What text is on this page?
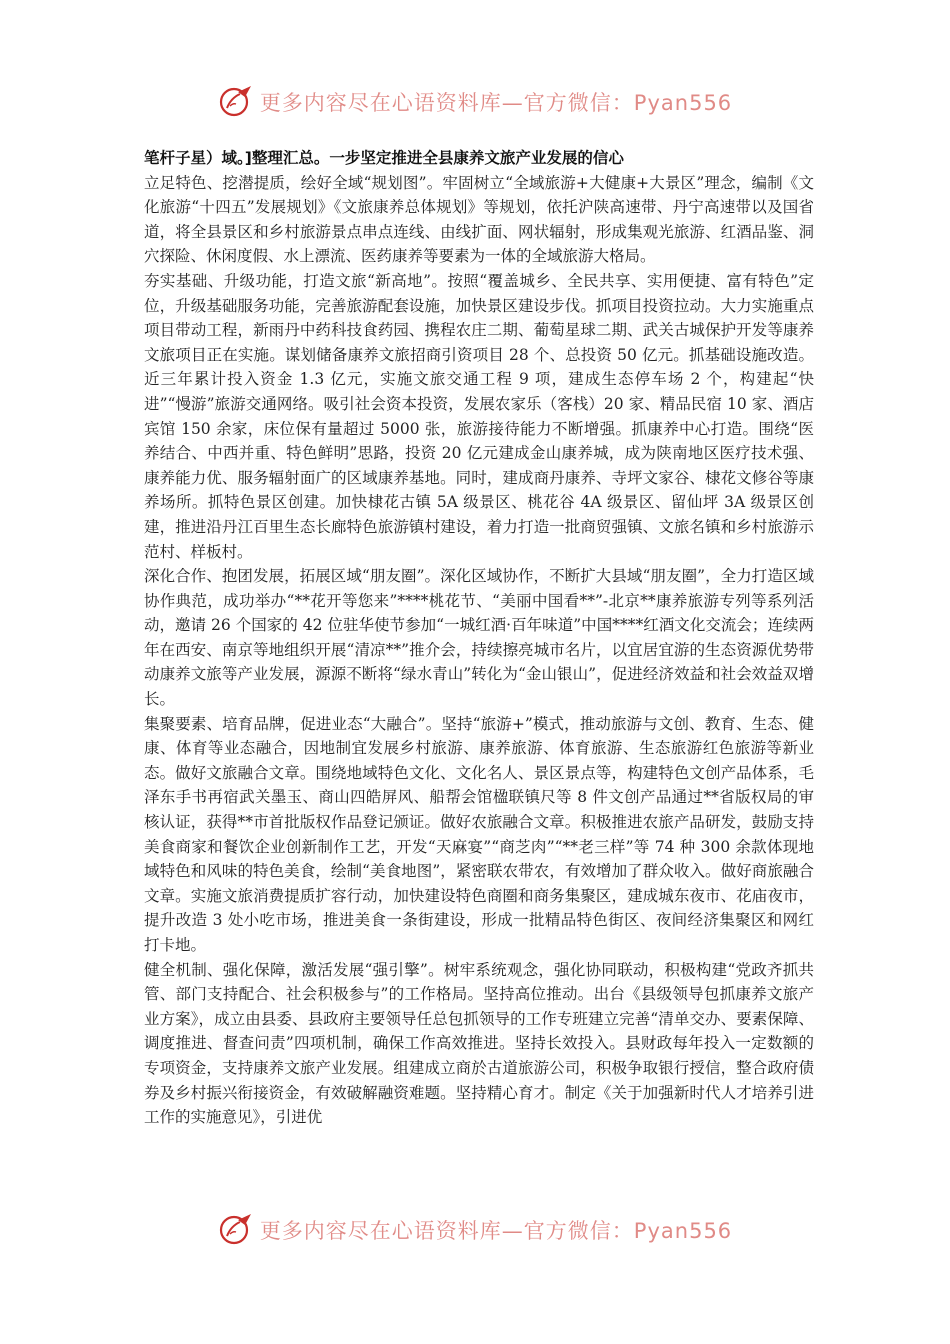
更多内容尽在心语资料库—官方微信：Pyan556

笔杆子星）域。]整理汇总。一步坚定推进全县康养文旅产业发展的信心

立足特色、挖潜提质，绘好全域“规划图”。牢固树立“全域旅游+大健康+大景区”理念，编制《文化旅游“十四五”发展规划》《文旅康养总体规划》等规划，依托沪陕高速带、丹宁高速带以及国省道，将全县景区和乡村旅游景点串点连线、由线扩面、网状辐射，形成集观光旅游、红酒品鉴、洞穴探险、休闲度假、水上漂流、医药康养等要素为一体的全域旅游大格局。

夯实基础、升级功能，打造文旅“新高地”。按照“覆盖城乡、全民共享、实用便捷、富有特色”定位，升级基础服务功能，完善旅游配套设施，加快景区建设步伐。抓项目投资拉动。大力实施重点项目带动工程，新雨丹中药科技食药园、携程农庄二期、葡萄星球二期、武关古城保护开发等康养文旅项目正在实施。谋划储备康养文旅招商引资项目 28 个、总投资 50 亿元。抓基础设施改造。近三年累计投入资金 1.3 亿元，实施文旅交通工程 9 项，建成生态停车场 2 个，构建起“快进”“慢游”旅游交通网络。吸引社会资本投资，发展农家乐（客栈）20 家、精品民宿 10 家、酒店宾馆 150 余家，床位保有量超过 5000 张，旅游接待能力不断增强。抓康养中心打造。围绕“医养结合、中西并重、特色鲜明”思路，投资 20 亿元建成金山康养城，成为陕南地区医疗技术强、康养能力优、服务辐射面广的区域康养基地。同时，建成商丹康养、寺坪文家谷、棣花文修谷等康养场所。抓特色景区创建。加快棣花古镇 5A 级景区、桃花谷 4A 级景区、留仙坪 3A 级景区创建，推进沿丹江百里生态长廊特色旅游镇村建设，着力打造一批商贸强镇、文旅名镇和乡村旅游示范村、样板村。

深化合作、抱团发展，拓展区域“朋友圈”。深化区域协作，不断扩大县域“朋友圈”，全力打造区域协作典范，成功举办“**花开等您来”****桃花节、“美丽中国看**”-北京**康养旅游专列等系列活动，邀请 26 个国家的 42 位驻华使节参加“一城红酒·百年味道”中国****红酒文化交流会；连续两年在西安、南京等地组织开展“清凉**”推介会，持续擦亮城市名片，以宜居宜游的生态资源优势带动康养文旅等产业发展，源源不断将“绿水青山”转化为“金山银山”，促进经济效益和社会效益双增长。

集聚要素、培育品牌，促进业态“大融合”。坚持“旅游+”模式，推动旅游与文创、教育、生态、健康、体育等业态融合，因地制宜发展乡村旅游、康养旅游、体育旅游、生态旅游红色旅游等新业态。做好文旅融合文章。围绕地域特色文化、文化名人、景区景点等，构建特色文创产品体系，毛泽东手书再宿武关墨玉、商山四皓屏风、船帮会馆楹联镇尺等 8 件文创产品通过**省版权局的审核认证，获得**市首批版权作品登记颁证。做好农旅融合文章。积极推进农旅产品研发，鼓励支持美食商家和餐饮企业创新制作工艺，开发“天麻宴”“商芝肉”“**老三样”等 74 种 300 余款体现地域特色和风味的特色美食，绘制“美食地图”，紧密联农带农，有效增加了群众收入。做好商旅融合文章。实施文旅消费提质扩容行动，加快建设特色商圈和商务集聚区，建成城东夜市、花庙夜市，提升改造 3 处小吃市场，推进美食一条街建设，形成一批精品特色街区、夜间经济集聚区和网红打卡地。

健全机制、强化保障，激活发展“强引擎”。树牢系统观念，强化协同联动，积极构建“党政齐抓共管、部门支持配合、社会积极参与”的工作格局。坚持高位推动。出台《县级领导包抓康养文旅产业方案》，成立由县委、县政府主要领导任总包抓领导的工作专班建立完善“清单交办、要素保障、调度推进、督查问责”四项机制，确保工作高效推进。坚持长效投入。县财政每年投入一定数额的专项资金，支持康养文旅产业发展。组建成立商於古道旅游公司，积极争取银行授信，整合政府债券及乡村振兴衔接资金，有效破解融资难题。坚持精心育才。制定《关于加强新时代人才培养引进工作的实施意见》，引进优

更多内容尽在心语资料库—官方微信：Pyan556
